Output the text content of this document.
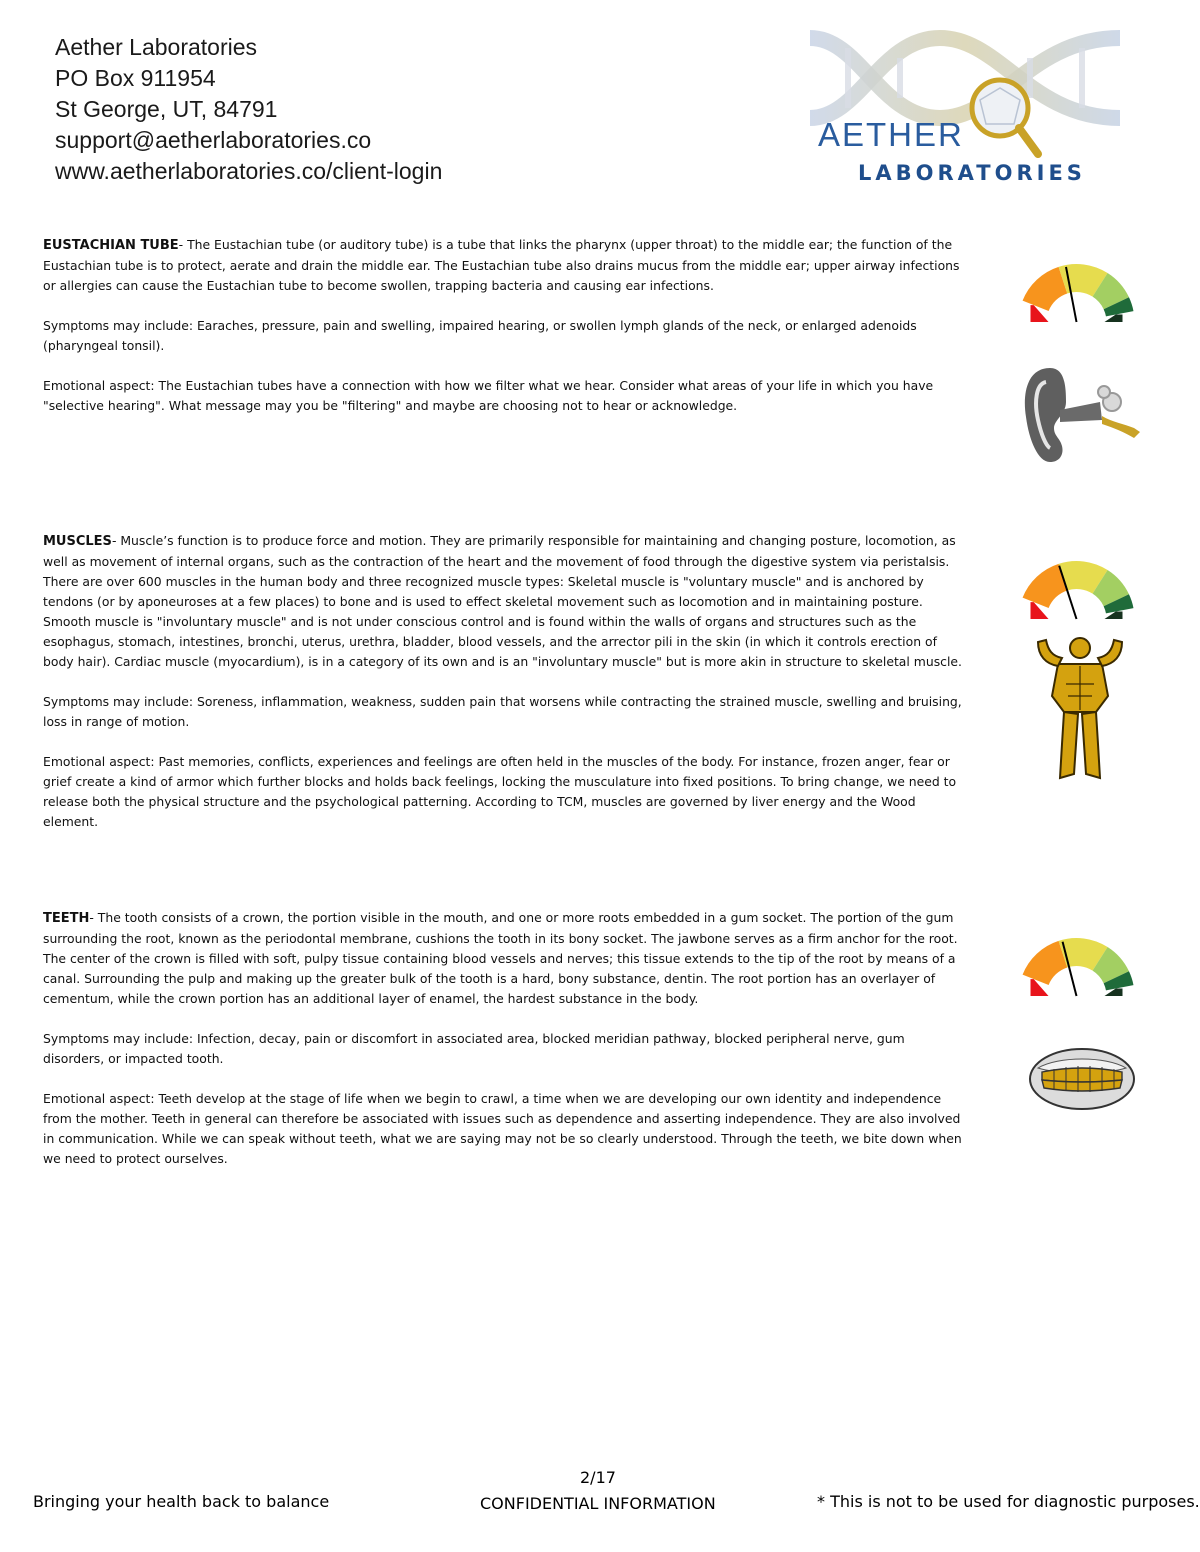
Aether Laboratories
PO Box 911954
St George, UT, 84791
support@aetherlaboratories.co
www.aetherlaboratories.co/client-login
AETHER
LABORATORIES

EUSTACHIAN TUBE- The Eustachian tube (or auditory tube) is a tube that links the pharynx (upper throat) to the middle ear; the function of the Eustachian tube is to protect, aerate and drain the middle ear. The Eustachian tube also drains mucus from the middle ear; upper airway infections or allergies can cause the Eustachian tube to become swollen, trapping bacteria and causing ear infections.

Symptoms may include: Earaches, pressure, pain and swelling, impaired hearing, or swollen lymph glands of the neck, or enlarged adenoids (pharyngeal tonsil).

Emotional aspect: The Eustachian tubes have a connection with how we filter what we hear. Consider what areas of your life in which you have "selective hearing". What message may you be "filtering" and maybe are choosing not to hear or acknowledge.

MUSCLES- Muscle’s function is to produce force and motion. They are primarily responsible for maintaining and changing posture, locomotion, as well as movement of internal organs, such as the contraction of the heart and the movement of food through the digestive system via peristalsis. There are over 600 muscles in the human body and three recognized muscle types: Skeletal muscle is "voluntary muscle" and is anchored by tendons (or by aponeuroses at a few places) to bone and is used to effect skeletal movement such as locomotion and in maintaining posture. Smooth muscle is "involuntary muscle" and is not under conscious control and is found within the walls of organs and structures such as the esophagus, stomach, intestines, bronchi, uterus, urethra, bladder, blood vessels, and the arrector pili in the skin (in which it controls erection of body hair). Cardiac muscle (myocardium), is in a category of its own and is an "involuntary muscle" but is more akin in structure to skeletal muscle.

Symptoms may include: Soreness, inflammation, weakness, sudden pain that worsens while contracting the strained muscle, swelling and bruising, loss in range of motion.

Emotional aspect: Past memories, conflicts, experiences and feelings are often held in the muscles of the body. For instance, frozen anger, fear or grief create a kind of armor which further blocks and holds back feelings, locking the musculature into fixed positions. To bring change, we need to release both the physical structure and the psychological patterning. According to TCM, muscles are governed by liver energy and the Wood element.

TEETH- The tooth consists of a crown, the portion visible in the mouth, and one or more roots embedded in a gum socket. The portion of the gum surrounding the root, known as the periodontal membrane, cushions the tooth in its bony socket. The jawbone serves as a firm anchor for the root. The center of the crown is filled with soft, pulpy tissue containing blood vessels and nerves; this tissue extends to the tip of the root by means of a canal. Surrounding the pulp and making up the greater bulk of the tooth is a hard, bony substance, dentin. The root portion has an overlayer of cementum, while the crown portion has an additional layer of enamel, the hardest substance in the body.

Symptoms may include: Infection, decay, pain or discomfort in associated area, blocked meridian pathway, blocked peripheral nerve, gum disorders, or impacted tooth.

Emotional aspect: Teeth develop at the stage of life when we begin to crawl, a time when we are developing our own identity and independence from the mother. Teeth in general can therefore be associated with issues such as dependence and asserting independence. They are also involved in communication. While we can speak without teeth, what we are saying may not be so clearly understood. Through the teeth, we bite down when we need to protect ourselves.

2/17
Bringing your health back to balance	CONFIDENTIAL INFORMATION	* This is not to be used for diagnostic purposes.
